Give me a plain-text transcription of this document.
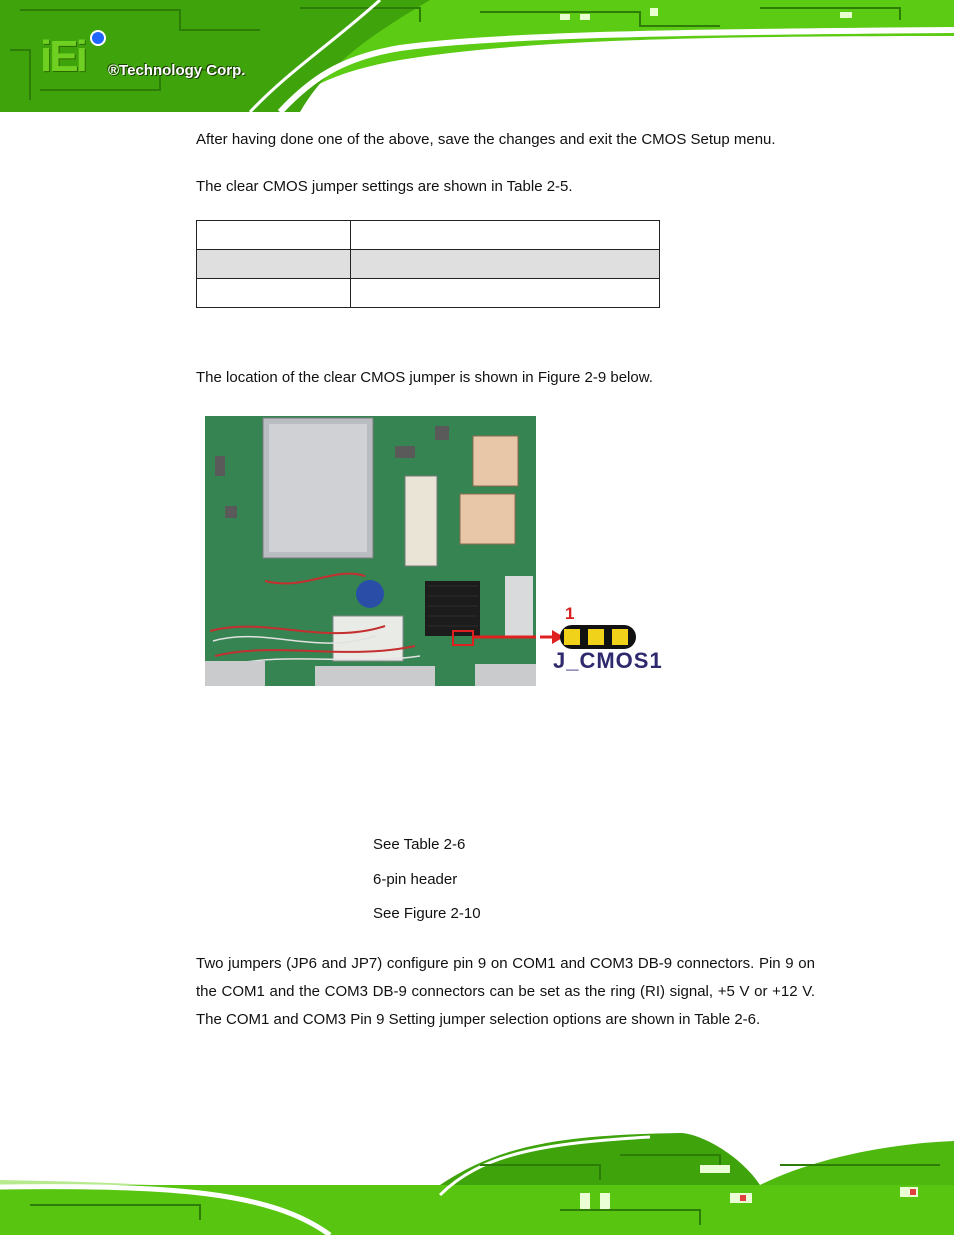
iEi ®Technology Corp.

After having done one of the above, save the changes and exit the CMOS Setup menu.

The clear CMOS jumper settings are shown in Table 2-5.

The location of the clear CMOS jumper is shown in Figure 2-9 below.

1
J_CMOS1

See Table 2-6

6-pin header

See Figure 2-10

Two jumpers (JP6 and JP7) configure pin 9 on COM1 and COM3 DB-9 connectors. Pin 9 on the COM1 and the COM3 DB-9 connectors can be set as the ring (RI) signal, +5 V or +12 V. The COM1 and COM3 Pin 9 Setting jumper selection options are shown in Table 2-6.
